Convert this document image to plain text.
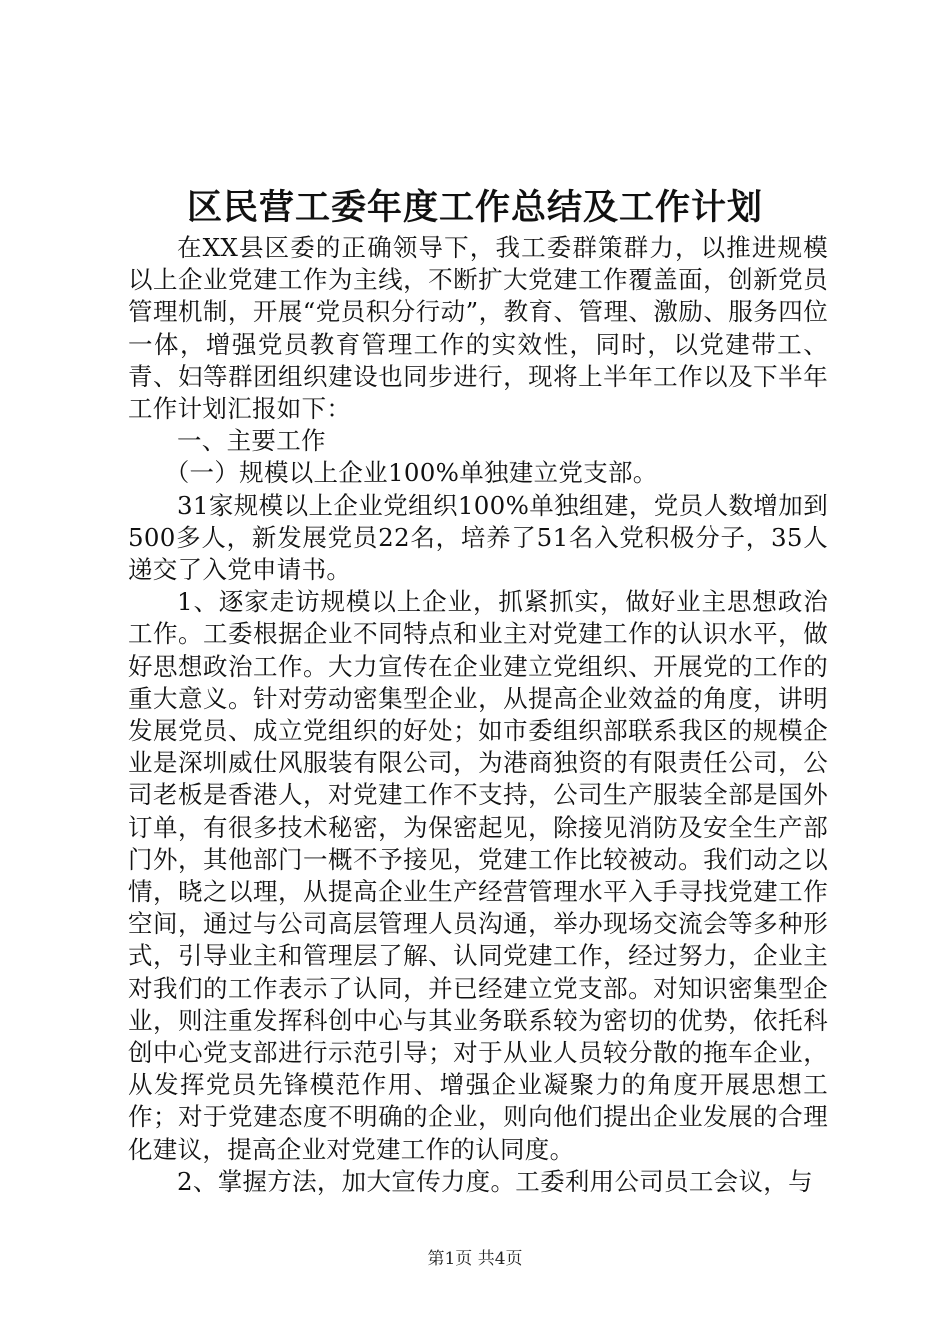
区民营工委年度工作总结及工作计划

在XX县区委的正确领导下，我工委群策群力，以推进规模以上企业党建工作为主线，不断扩大党建工作覆盖面，创新党员管理机制，开展“党员积分行动”，教育、管理、激励、服务四位一体，增强党员教育管理工作的实效性，同时，以党建带工、青、妇等群团组织建设也同步进行，现将上半年工作以及下半年工作计划汇报如下：

一、主要工作

（一）规模以上企业100%单独建立党支部。

31家规模以上企业党组织100%单独组建，党员人数增加到500多人，新发展党员22名，培养了51名入党积极分子，35人递交了入党申请书。

1、逐家走访规模以上企业，抓紧抓实，做好业主思想政治工作。工委根据企业不同特点和业主对党建工作的认识水平，做好思想政治工作。大力宣传在企业建立党组织、开展党的工作的重大意义。针对劳动密集型企业，从提高企业效益的角度，讲明发展党员、成立党组织的好处；如市委组织部联系我区的规模企业是深圳威仕风服装有限公司，为港商独资的有限责任公司，公司老板是香港人，对党建工作不支持，公司生产服装全部是国外订单，有很多技术秘密，为保密起见，除接见消防及安全生产部门外，其他部门一概不予接见，党建工作比较被动。我们动之以情，晓之以理，从提高企业生产经营管理水平入手寻找党建工作空间，通过与公司高层管理人员沟通，举办现场交流会等多种形式，引导业主和管理层了解、认同党建工作，经过努力，企业主对我们的工作表示了认同，并已经建立党支部。对知识密集型企业，则注重发挥科创中心与其业务联系较为密切的优势，依托科创中心党支部进行示范引导；对于从业人员较分散的拖车企业，从发挥党员先锋模范作用、增强企业凝聚力的角度开展思想工作；对于党建态度不明确的企业，则向他们提出企业发展的合理化建议，提高企业对党建工作的认同度。

2、掌握方法，加大宣传力度。工委利用公司员工会议，与

第1页 共4页
